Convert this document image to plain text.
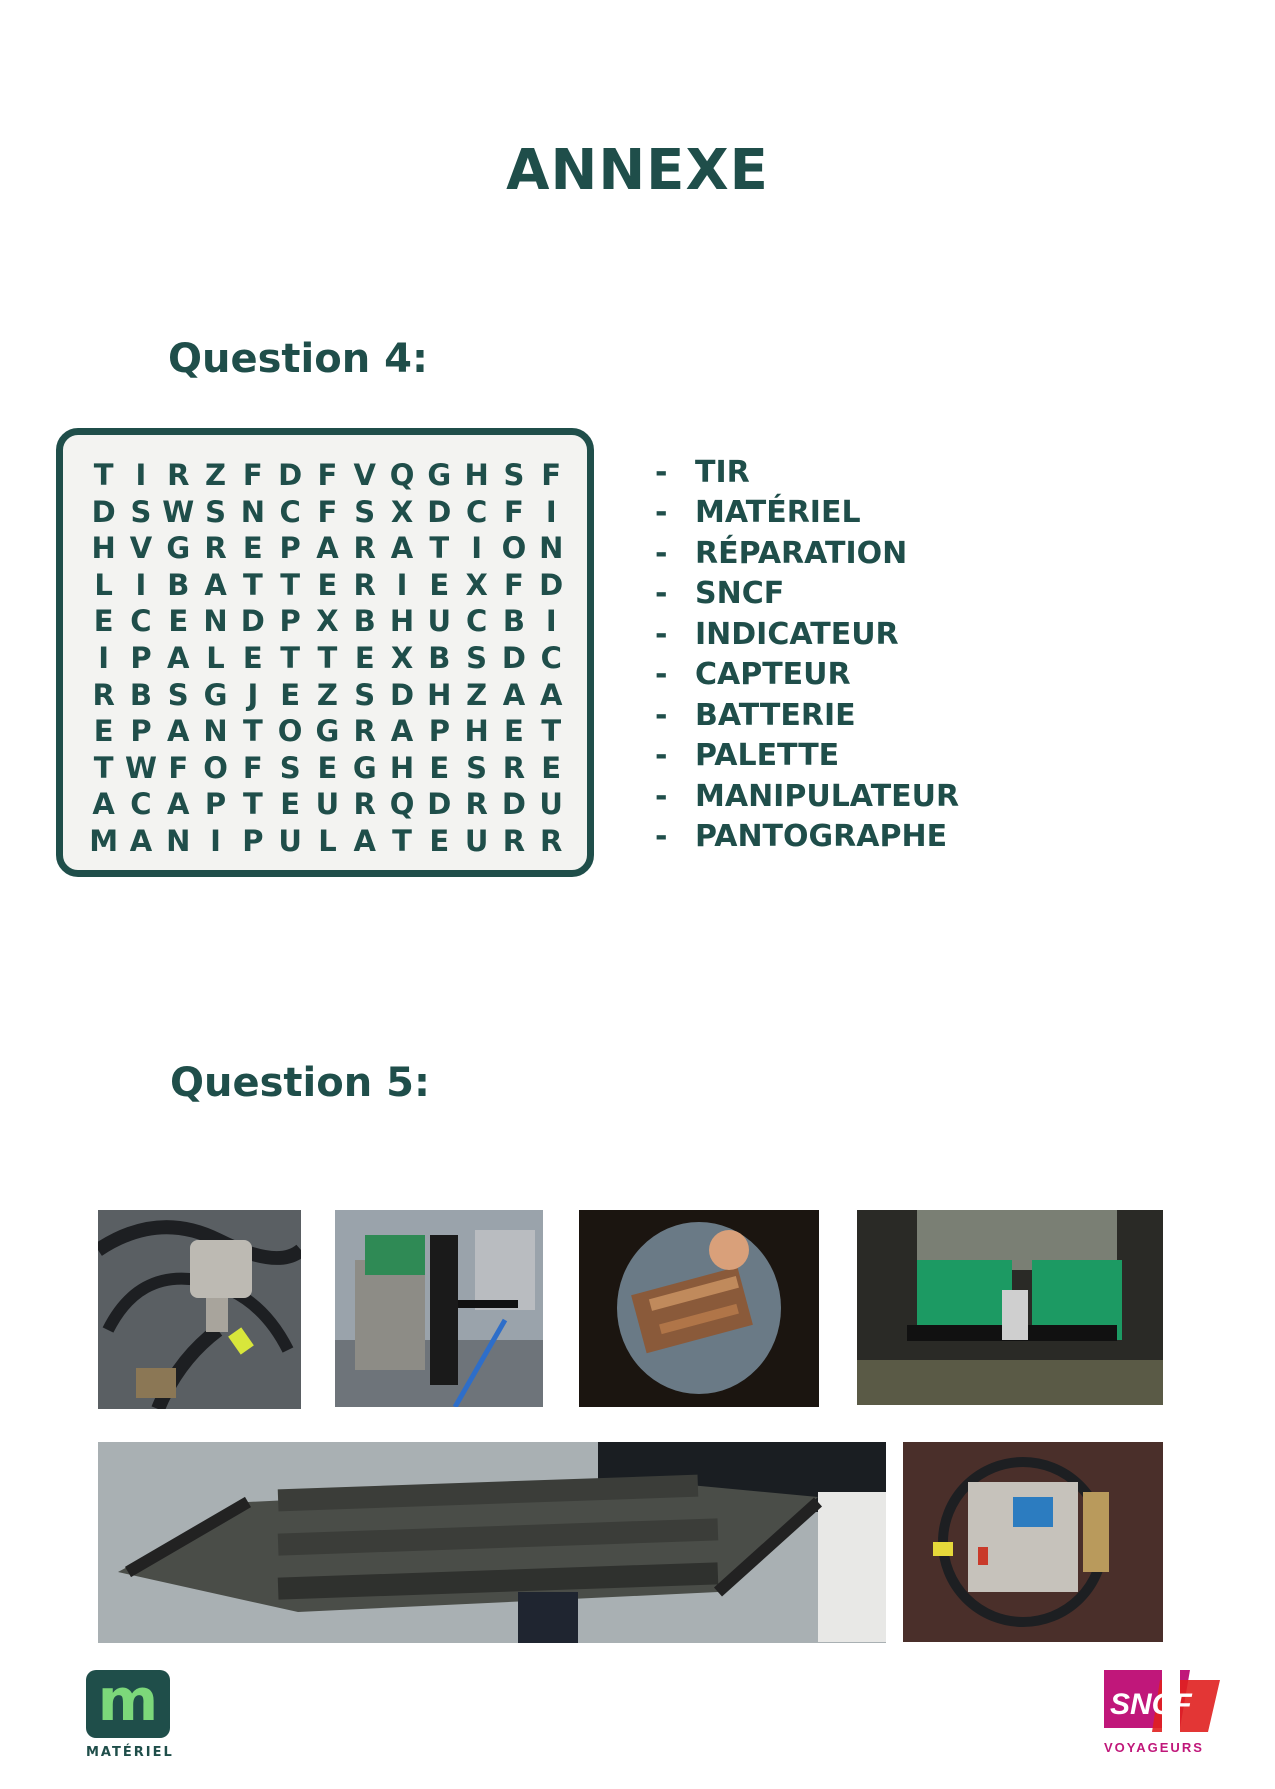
ANNEXE
Question 4:
T I R Z F D F V Q G H S F
D S W S N C F S X D C F I
H V G R E P A R A T I O N
L I B A T T E R I E X F D
E C E N D P X B H U C B I
I P A L E T T E X B S D C
R B S G J E Z S D H Z A A
E P A N T O G R A P H E T
T W F O F S E G H E S R E
A C A P T E U R Q D R D U
M A N I P U L A T E U R R
- TIR
- MATÉRIEL
- RÉPARATION
- SNCF
- INDICATEUR
- CAPTEUR
- BATTERIE
- PALETTE
- MANIPULATEUR
- PANTOGRAPHE
Question 5:
m
MATÉRIEL
SNCF
VOYAGEURS
